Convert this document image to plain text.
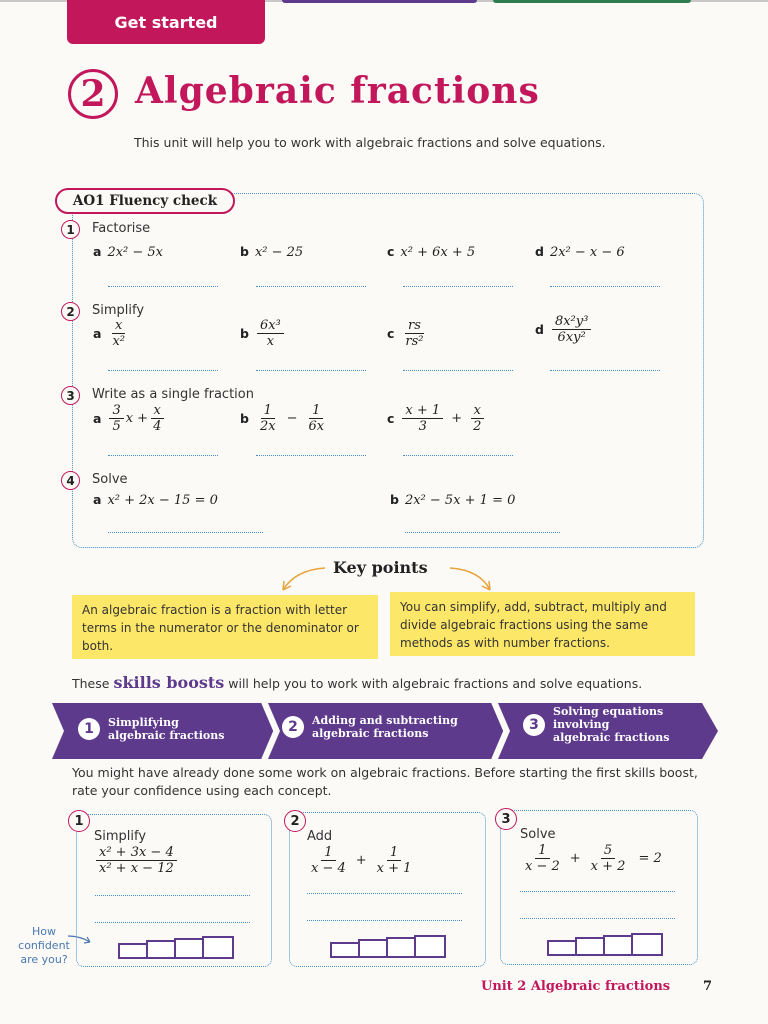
Get started
2 Algebraic fractions
This unit will help you to work with algebraic fractions and solve equations.
AO1 Fluency check
1	Factorise
a 2x² − 5x	b x² − 25	c x² + 6x + 5	d 2x² − x − 6
2	Simplify
a $\frac{x}{\text{x²}}$	b $\frac{\text{6x³}}{x}$	c $\frac{rs}{\text{rs²}}$	d $\frac{\text{8x²y³}}{\text{6xy²}}$
3	Write as a single fraction
a $\frac{3}{5}$ $x + \frac{x}{4}$	b $\frac{1}{2x} - \frac{1}{6x}$	c $\frac{x + 1}{3} + \frac{x}{2}$
4	Solve
a x² + 2x − 15 = 0	b 2x² − 5x + 1 = 0
Key points
An algebraic fraction is a fraction with letter terms in the numerator or the denominator or both.
You can simplify, add, subtract, multiply and divide algebraic fractions using the same methods as with number fractions.
These skills boosts will help you to work with algebraic fractions and solve equations.
1	Simplifying
algebraic fractions
2	Adding and subtracting
algebraic fractions
3
Solving equations
involving
algebraic fractions
You might have already done some work on algebraic fractions. Before starting the first skills boost, rate your confidence using each concept.
1
Simplify
$\frac{\text{x² + 3x − 4}}{\text{x² + x − 12}}$
2
Add
$\frac{1}{x - 4} + \frac{1}{x + 1}$
3
Solve
$\frac{1}{x - 2} + \frac{5}{x + 2} = 2$
How
confident
are you?
Unit 2 Algebraic fractions	7
